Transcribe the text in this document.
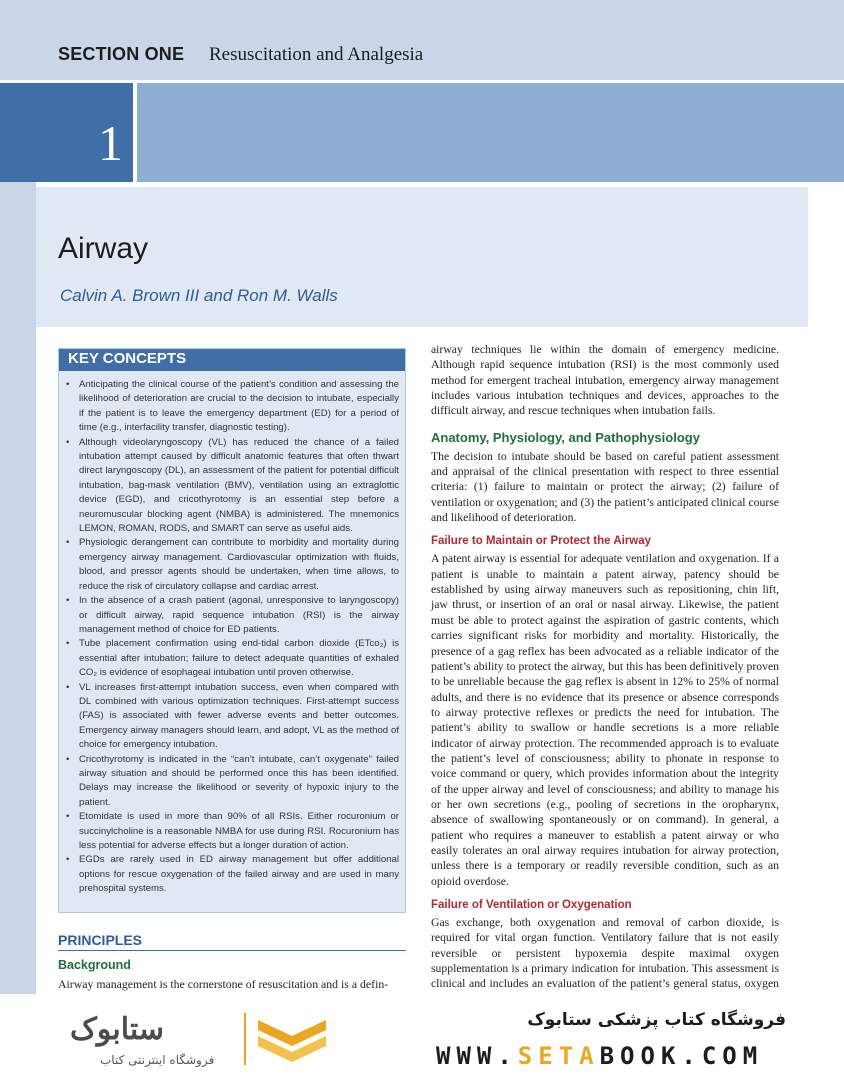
SECTION ONE Resuscitation and Analgesia
1
Airway
Calvin A. Brown III and Ron M. Walls
KEY CONCEPTS
• Anticipating the clinical course of the patient’s condition and assessing the likelihood of deterioration are crucial to the decision to intubate, especially if the patient is to leave the emergency department (ED) for a period of time (e.g., interfacility transfer, diagnostic testing).
• Although videolaryngoscopy (VL) has reduced the chance of a failed intubation attempt caused by difficult anatomic features that often thwart direct laryngoscopy (DL), an assessment of the patient for potential difficult intubation, bag-mask ventilation (BMV), ventilation using an extraglottic device (EGD), and cricothyrotomy is an essential step before a neuromuscular blocking agent (NMBA) is administered. The mnemonics LEMON, ROMAN, RODS, and SMART can serve as useful aids.
• Physiologic derangement can contribute to morbidity and mortality during emergency airway management. Cardiovascular optimization with fluids, blood, and pressor agents should be undertaken, when time allows, to reduce the risk of circulatory collapse and cardiac arrest.
• In the absence of a crash patient (agonal, unresponsive to laryngoscopy) or difficult airway, rapid sequence intubation (RSI) is the airway management method of choice for ED patients.
• Tube placement confirmation using end-tidal carbon dioxide (ETco₂) is essential after intubation; failure to detect adequate quantities of exhaled CO₂ is evidence of esophageal intubation until proven otherwise.
• VL increases first-attempt intubation success, even when compared with DL combined with various optimization techniques. First-attempt success (FAS) is associated with fewer adverse events and better outcomes. Emergency airway managers should learn, and adopt, VL as the method of choice for emergency intubation.
• Cricothyrotomy is indicated in the “can’t intubate, can’t oxygenate” failed airway situation and should be performed once this has been identified. Delays may increase the likelihood or severity of hypoxic injury to the patient.
• Etomidate is used in more than 90% of all RSIs. Either rocuronium or succinylcholine is a reasonable NMBA for use during RSI. Rocuronium has less potential for adverse effects but a longer duration of action.
• EGDs are rarely used in ED airway management but offer additional options for rescue oxygenation of the failed airway and are used in many prehospital systems.
PRINCIPLES
Background
Airway management is the cornerstone of resuscitation and is a defin-

airway techniques lie within the domain of emergency medicine. Although rapid sequence intubation (RSI) is the most commonly used method for emergent tracheal intubation, emergency airway management includes various intubation techniques and devices, approaches to the difficult airway, and rescue techniques when intubation fails.

Anatomy, Physiology, and Pathophysiology

The decision to intubate should be based on careful patient assessment and appraisal of the clinical presentation with respect to three essential criteria: (1) failure to maintain or protect the airway; (2) failure of ventilation or oxygenation; and (3) the patient’s anticipated clinical course and likelihood of deterioration.

Failure to Maintain or Protect the Airway

A patent airway is essential for adequate ventilation and oxygenation. If a patient is unable to maintain a patent airway, patency should be established by using airway maneuvers such as repositioning, chin lift, jaw thrust, or insertion of an oral or nasal airway. Likewise, the patient must be able to protect against the aspiration of gastric contents, which carries significant risks for morbidity and mortality. Historically, the presence of a gag reflex has been advocated as a reliable indicator of the patient’s ability to protect the airway, but this has been definitively proven to be unreliable because the gag reflex is absent in 12% to 25% of normal adults, and there is no evidence that its presence or absence corresponds to airway protective reflexes or predicts the need for intubation. The patient’s ability to swallow or handle secretions is a more reliable indicator of airway protection. The recommended approach is to evaluate the patient’s level of consciousness; ability to phonate in response to voice command or query, which provides information about the integrity of the upper airway and level of consciousness; and ability to manage his or her own secretions (e.g., pooling of secretions in the oropharynx, absence of swallowing spontaneously or on command). In general, a patient who requires a maneuver to establish a patent airway or who easily tolerates an oral airway requires intubation for airway protection, unless there is a temporary or readily reversible condition, such as an opioid overdose.

Failure of Ventilation or Oxygenation

Gas exchange, both oxygenation and removal of carbon dioxide, is required for vital organ function. Ventilatory failure that is not easily reversible or persistent hypoxemia despite maximal oxygen supplementation is a primary indication for intubation. This assessment is clinical and includes an evaluation of the patient’s general status, oxygen

ستابوک
فروشگاه اینترنتی کتاب
فروشگاه کتاب پزشکی ستابوک
WWW.SETABOOK.COM
